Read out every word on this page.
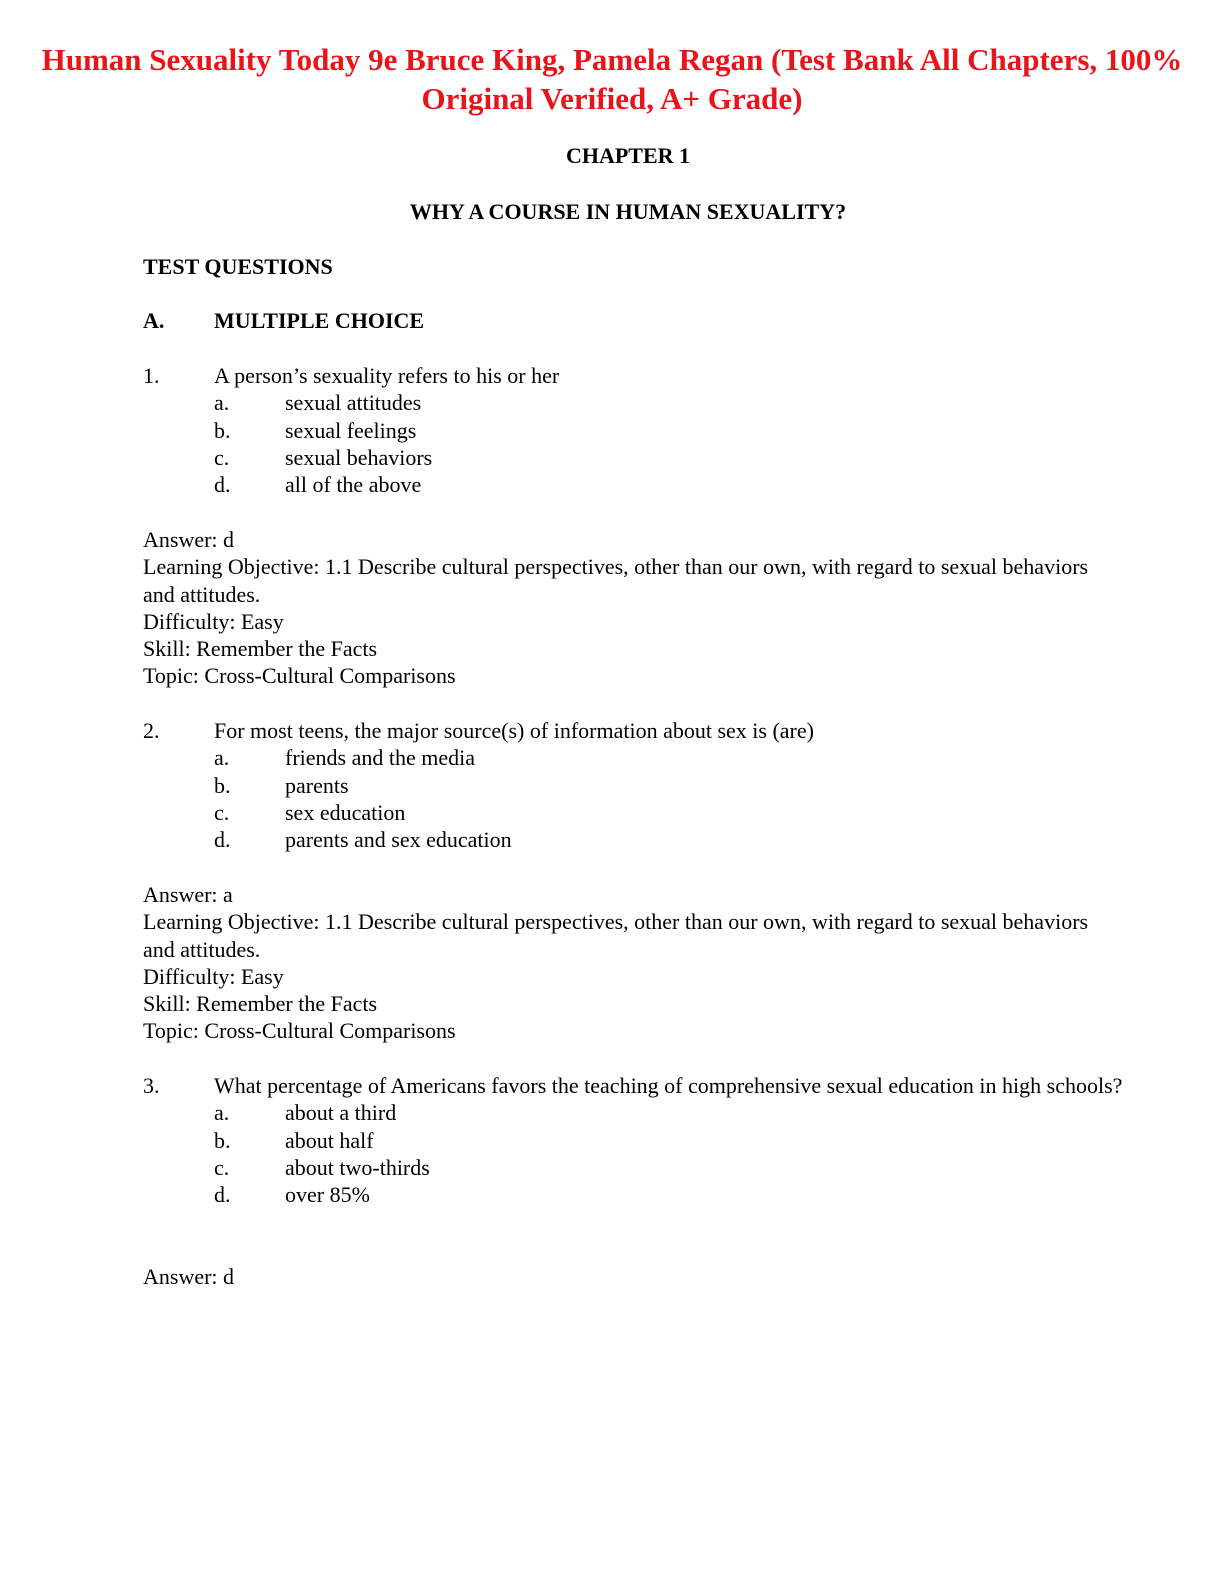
Human Sexuality Today 9e Bruce King, Pamela Regan (Test Bank All Chapters, 100% Original Verified, A+ Grade)
CHAPTER 1
WHY A COURSE IN HUMAN SEXUALITY?
TEST QUESTIONS
A. MULTIPLE CHOICE
1. A person’s sexuality refers to his or her
a.	sexual attitudes
b. sexual feelings
c.	sexual behaviors
d. all of the above
Answer: d
Learning Objective: 1.1 Describe cultural perspectives, other than our own, with regard to sexual behaviors and attitudes.
Difficulty: Easy
Skill: Remember the Facts
Topic: Cross-Cultural Comparisons
2. For most teens, the major source(s) of information about sex is (are)
a.	friends and the media
b. parents
c.	sex education
d. parents and sex education
Answer: a
Learning Objective: 1.1 Describe cultural perspectives, other than our own, with regard to sexual behaviors and attitudes.
Difficulty: Easy
Skill: Remember the Facts
Topic: Cross-Cultural Comparisons
3. What percentage of Americans favors the teaching of comprehensive sexual education in high schools?
a.	about a third
b. about half
c.	about two-thirds
d. over 85%
Answer: d
